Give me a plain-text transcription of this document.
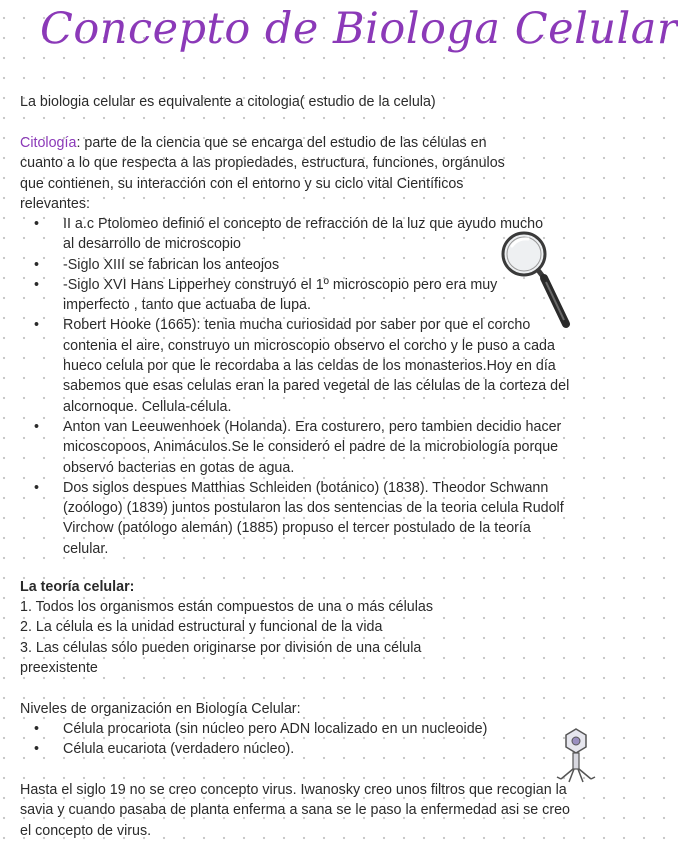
Concepto de Biologa Celular

La biologia celular es equivalente a citologia( estudio de la celula)

Citología: parte de la ciencia que se encarga del estudio de las células en cuanto a lo que respecta a las propiedades, estructura, funciones, orgánulos que contienen, su interacción con el entorno y su ciclo vital Científicos relevantes:

• II a.c Ptolomeo definió el concepto de refracción de la luz que ayudo mucho al desarrollo de microscopio
• -Siglo XIII se fabrican los anteojos
• -Siglo XVI Hans Lipperhey construyó el 1º microscopio pero era muy imperfecto , tanto que actuaba de lupa.
• Robert Hooke (1665): tenia mucha curiosidad por saber por que el corcho contenia el aire, construyo un microscopio observo el corcho y le puso a cada hueco celula por que le recordaba a las celdas de los monasterios.Hoy en día sabemos que esas celulas eran la pared vegetal de las células de la corteza del alcornoque. Cellula-célula.
• Anton van Leeuwenhoek (Holanda). Era costurero, pero tambien decidio hacer micoscopoos, Animáculos.Se le consideró el padre de la microbiología porque observó bacterias en gotas de agua.
• Dos siglos despues Matthias Schleiden (botánico) (1838). Theodor Schwann (zoólogo) (1839) juntos postularon las dos sentencias de la teoria celula Rudolf Virchow (patólogo alemán) (1885) propuso el tercer postulado de la teoría celular.

La teoría celular:

1. Todos los organismos están compuestos de una o más células

2. La célula es la unidad estructural y funcional de la vida

3. Las células sólo pueden originarse por división de una célula preexistente

Niveles de organización en Biología Celular:

• Célula procariota (sin núcleo pero ADN localizado en un nucleoide)
• Célula eucariota (verdadero núcleo).

Hasta el siglo 19 no se creo concepto virus. Iwanosky creo unos filtros que recogian la savia y cuando pasaba de planta enferma a sana se le paso la enfermedad asi se creo el concepto de virus.
